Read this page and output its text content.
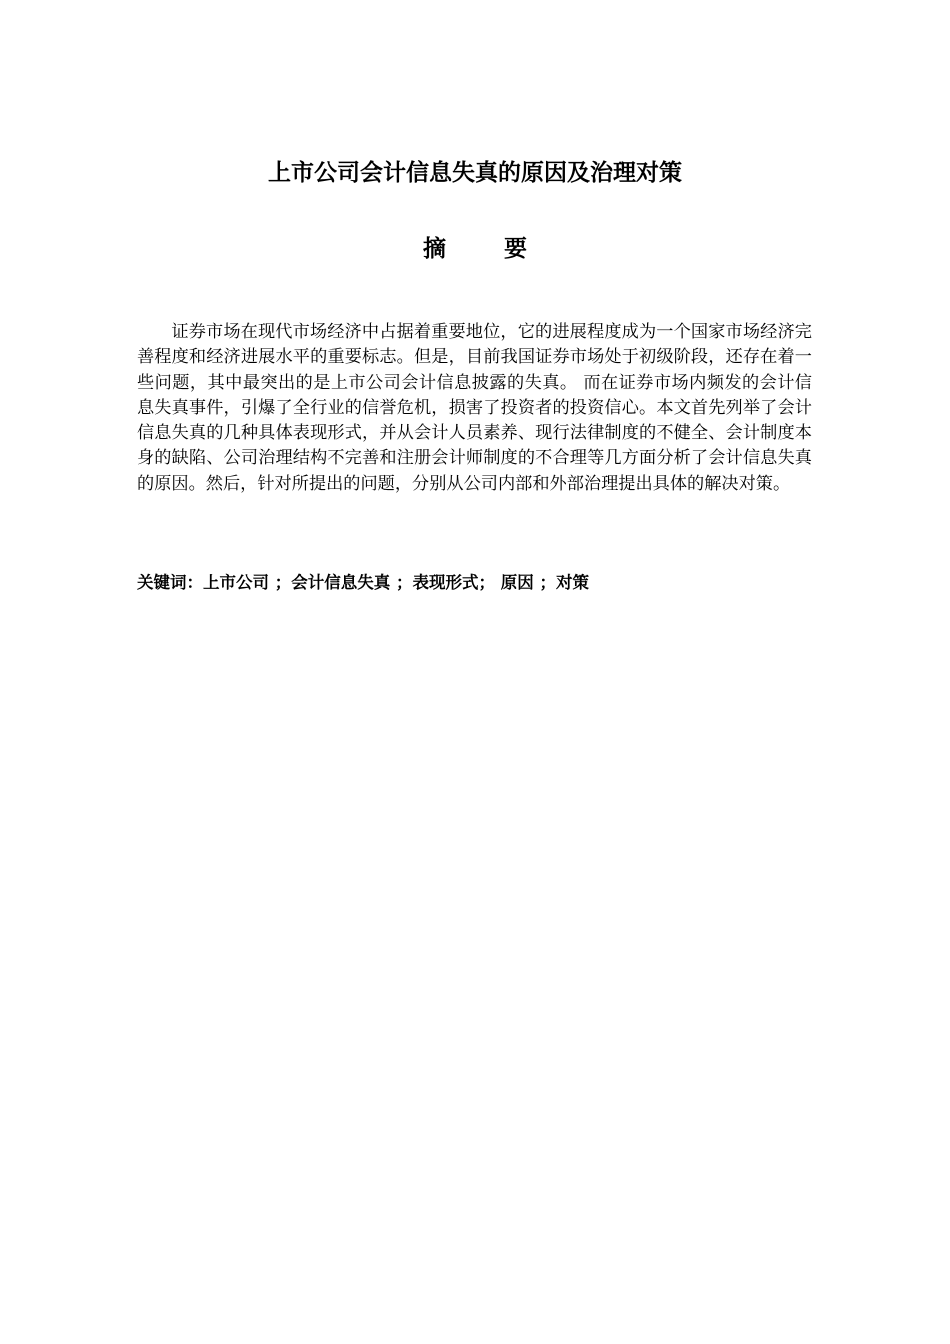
上市公司会计信息失真的原因及治理对策
摘要

证券市场在现代市场经济中占据着重要地位，它的进展程度成为一个国家市场经济完善程度和经济进展水平的重要标志。但是，目前我国证券市场处于初级阶段，还存在着一些问题，其中最突出的是上市公司会计信息披露的失真。 而在证券市场内频发的会计信息失真事件，引爆了全行业的信誉危机，损害了投资者的投资信心。本文首先列举了会计信息失真的几种具体表现形式，并从会计人员素养、现行法律制度的不健全、会计制度本身的缺陷、公司治理结构不完善和注册会计师制度的不合理等几方面分析了会计信息失真的原因。然后，针对所提出的问题，分别从公司内部和外部治理提出具体的解决对策。

关键词：上市公司 ；会计信息失真 ；表现形式； 原因 ；对策
